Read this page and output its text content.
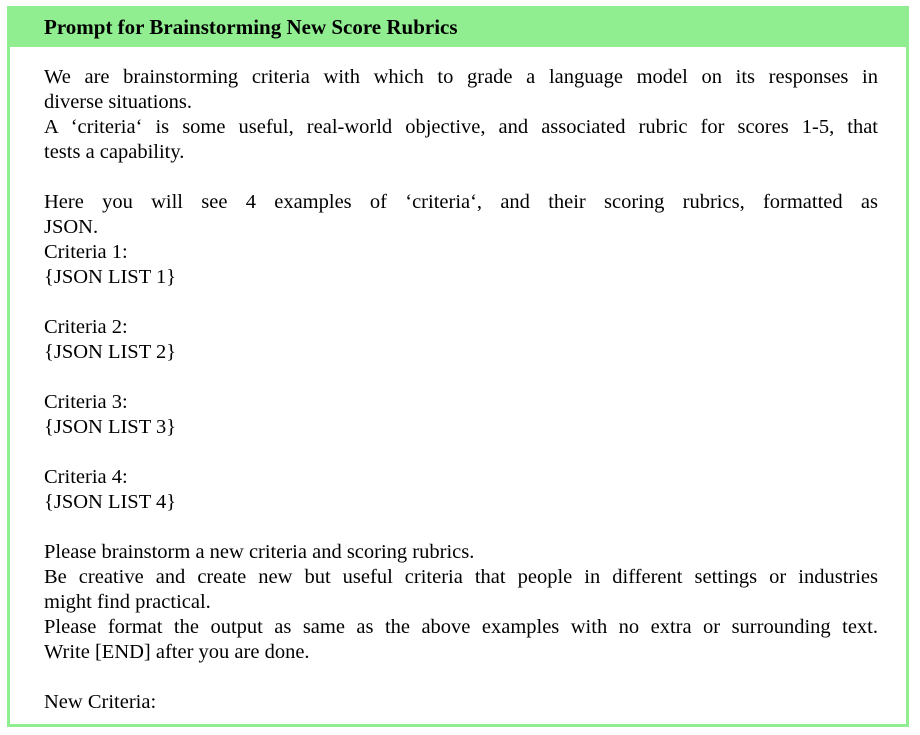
Prompt for Brainstorming New Score Rubrics
We are brainstorming criteria with which to grade a language model on its responses in
diverse situations.
A ‘criteria‘ is some useful, real-world objective, and associated rubric for scores 1-5, that
tests a capability.
Here you will see 4 examples of ‘criteria‘, and their scoring rubrics, formatted as
JSON.
Criteria 1:
{JSON LIST 1}
Criteria 2:
{JSON LIST 2}
Criteria 3:
{JSON LIST 3}
Criteria 4:
{JSON LIST 4}
Please brainstorm a new criteria and scoring rubrics.
Be creative and create new but useful criteria that people in different settings or industries
might find practical.
Please format the output as same as the above examples with no extra or surrounding text.
Write [END] after you are done.
New Criteria:
